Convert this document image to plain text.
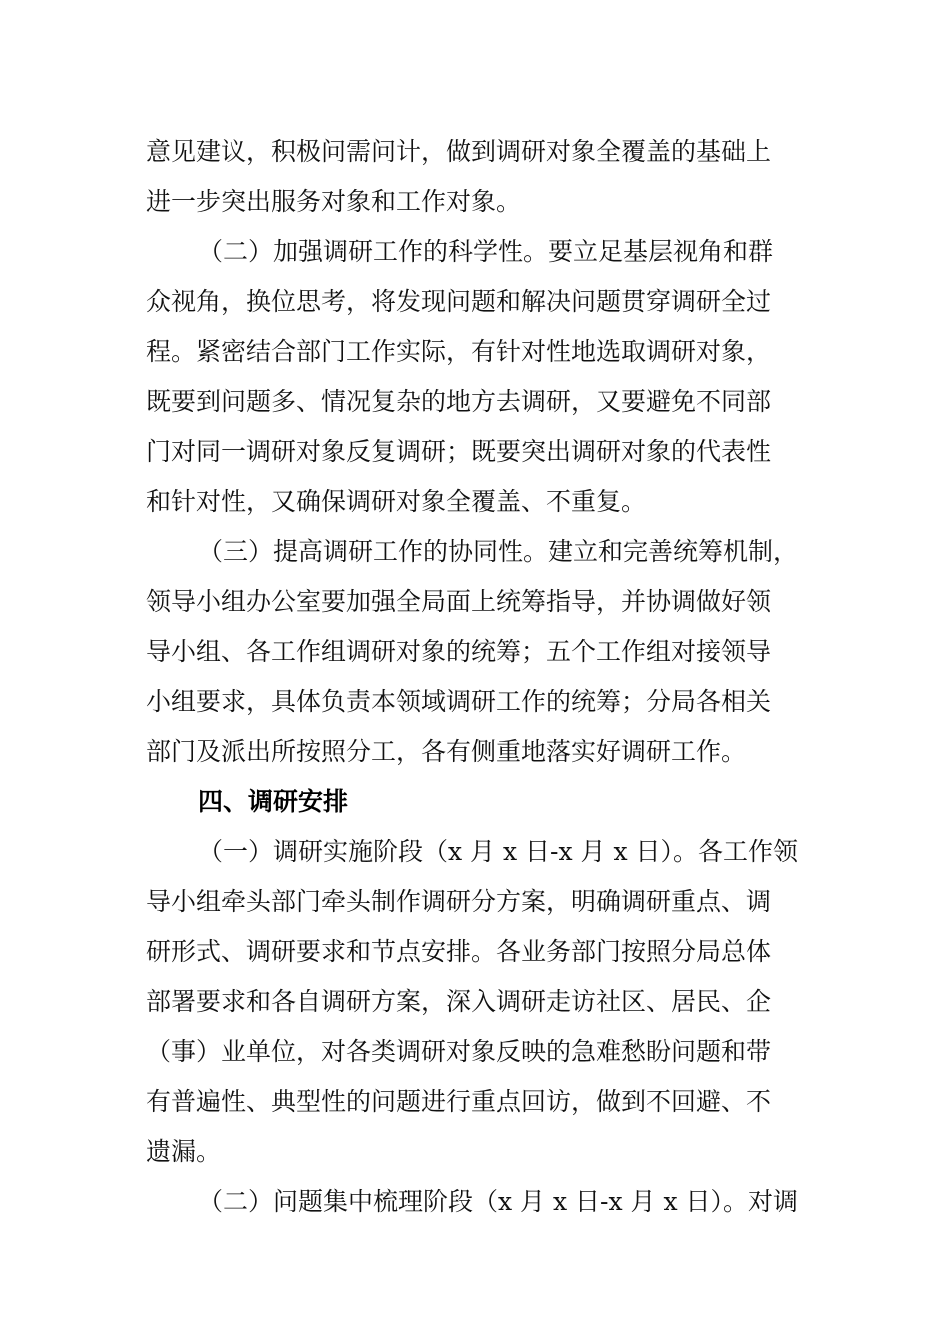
意见建议，积极问需问计，做到调研对象全覆盖的基础上
进一步突出服务对象和工作对象。
（二）加强调研工作的科学性。要立足基层视角和群
众视角，换位思考，将发现问题和解决问题贯穿调研全过
程。紧密结合部门工作实际，有针对性地选取调研对象，
既要到问题多、情况复杂的地方去调研，又要避免不同部
门对同一调研对象反复调研；既要突出调研对象的代表性
和针对性，又确保调研对象全覆盖、不重复。
（三）提高调研工作的协同性。建立和完善统筹机制，
领导小组办公室要加强全局面上统筹指导，并协调做好领
导小组、各工作组调研对象的统筹；五个工作组对接领导
小组要求，具体负责本领域调研工作的统筹；分局各相关
部门及派出所按照分工，各有侧重地落实好调研工作。
四、调研安排
（一）调研实施阶段（x 月 x 日-x 月 x 日）。各工作领
导小组牵头部门牵头制作调研分方案，明确调研重点、调
研形式、调研要求和节点安排。各业务部门按照分局总体
部署要求和各自调研方案，深入调研走访社区、居民、企
（事）业单位，对各类调研对象反映的急难愁盼问题和带
有普遍性、典型性的问题进行重点回访，做到不回避、不
遗漏。
（二）问题集中梳理阶段（x 月 x 日-x 月 x 日）。对调
